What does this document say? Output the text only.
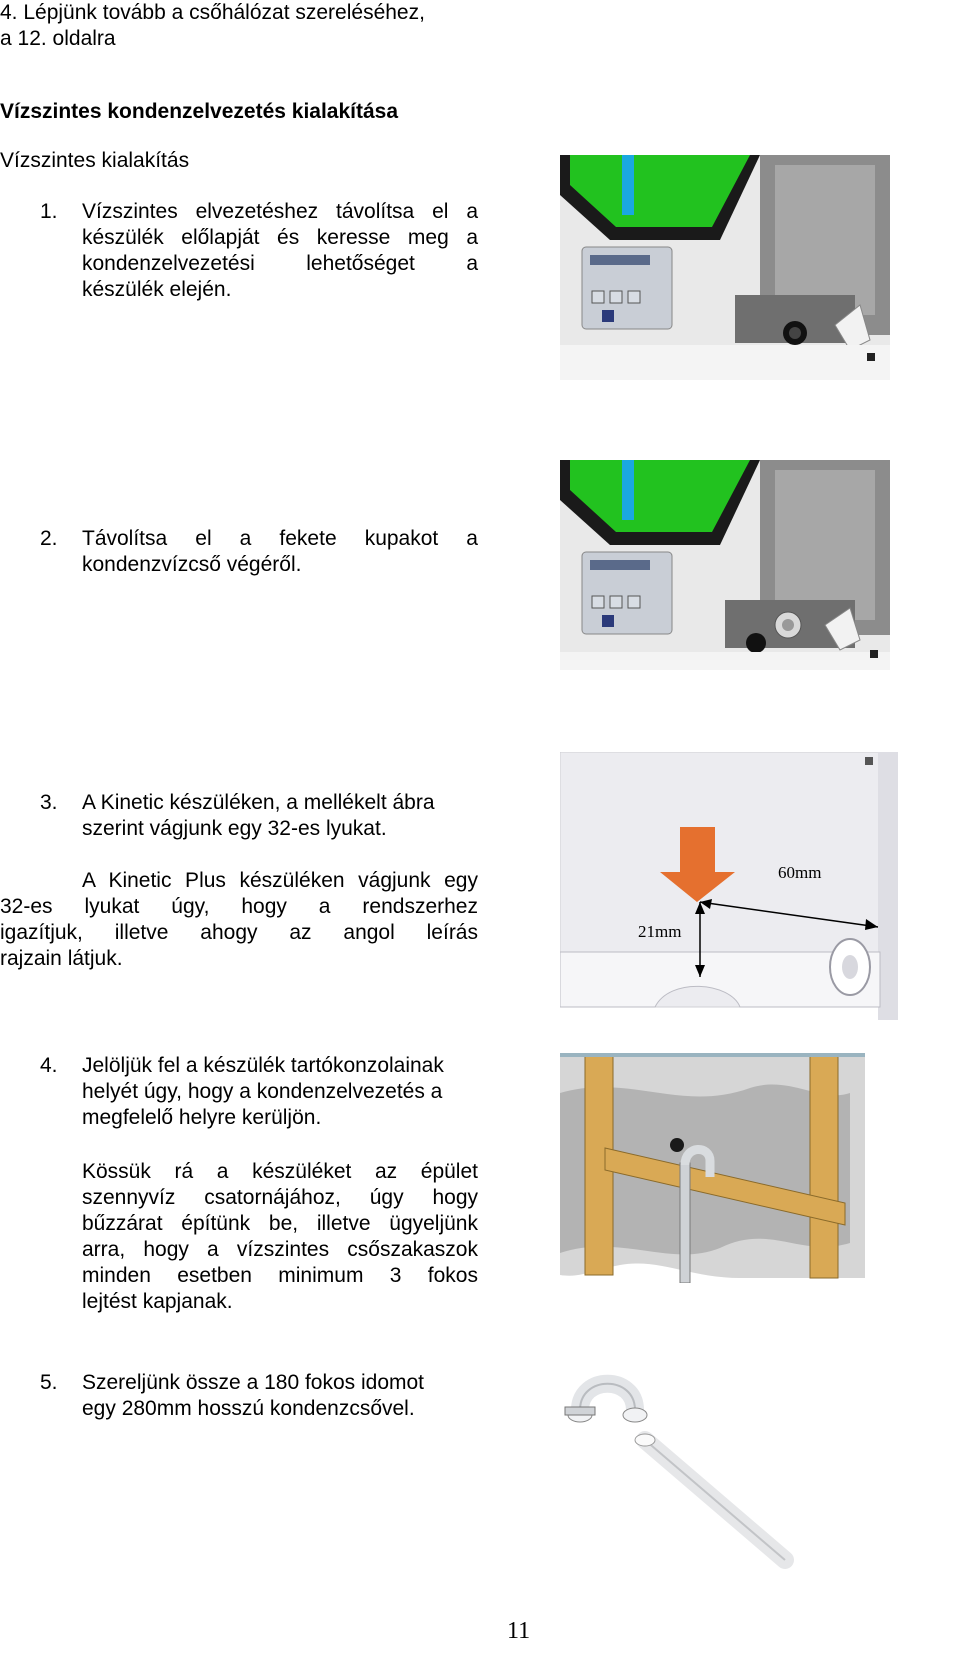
4. Lépjünk tovább a csőhálózat szereléséhez,
a 12. oldalra
Vízszintes kondenzelvezetés kialakítása
Vízszintes kialakítás
1. Vízszintes elvezetéshez távolítsa el a
készülék előlapját és keresse meg a
kondenzelvezetési lehetőséget a
készülék elején.
2. Távolítsa el a fekete kupakot a
kondenzvízcső végéről.
3. A Kinetic készüléken, a mellékelt ábra
szerint vágjunk egy 32-es lyukat.
A Kinetic Plus készüléken vágjunk egy
32-es lyukat úgy, hogy a rendszerhez
igazítjuk, illetve ahogy az angol leírás
rajzain látjuk.
4. Jelöljük fel a készülék tartókonzolainak
helyét úgy, hogy a kondenzelvezetés a
megfelelő helyre kerüljön.
Kössük rá a készüléket az épület
szennyvíz csatornájához, úgy hogy
bűzzárat építünk be, illetve ügyeljünk
arra, hogy a vízszintes csőszakaszok
minden esetben minimum 3 fokos
lejtést kapjanak.
5. Szereljünk össze a 180 fokos idomot
egy 280mm hosszú kondenzcsővel.
60mm
21mm
11
